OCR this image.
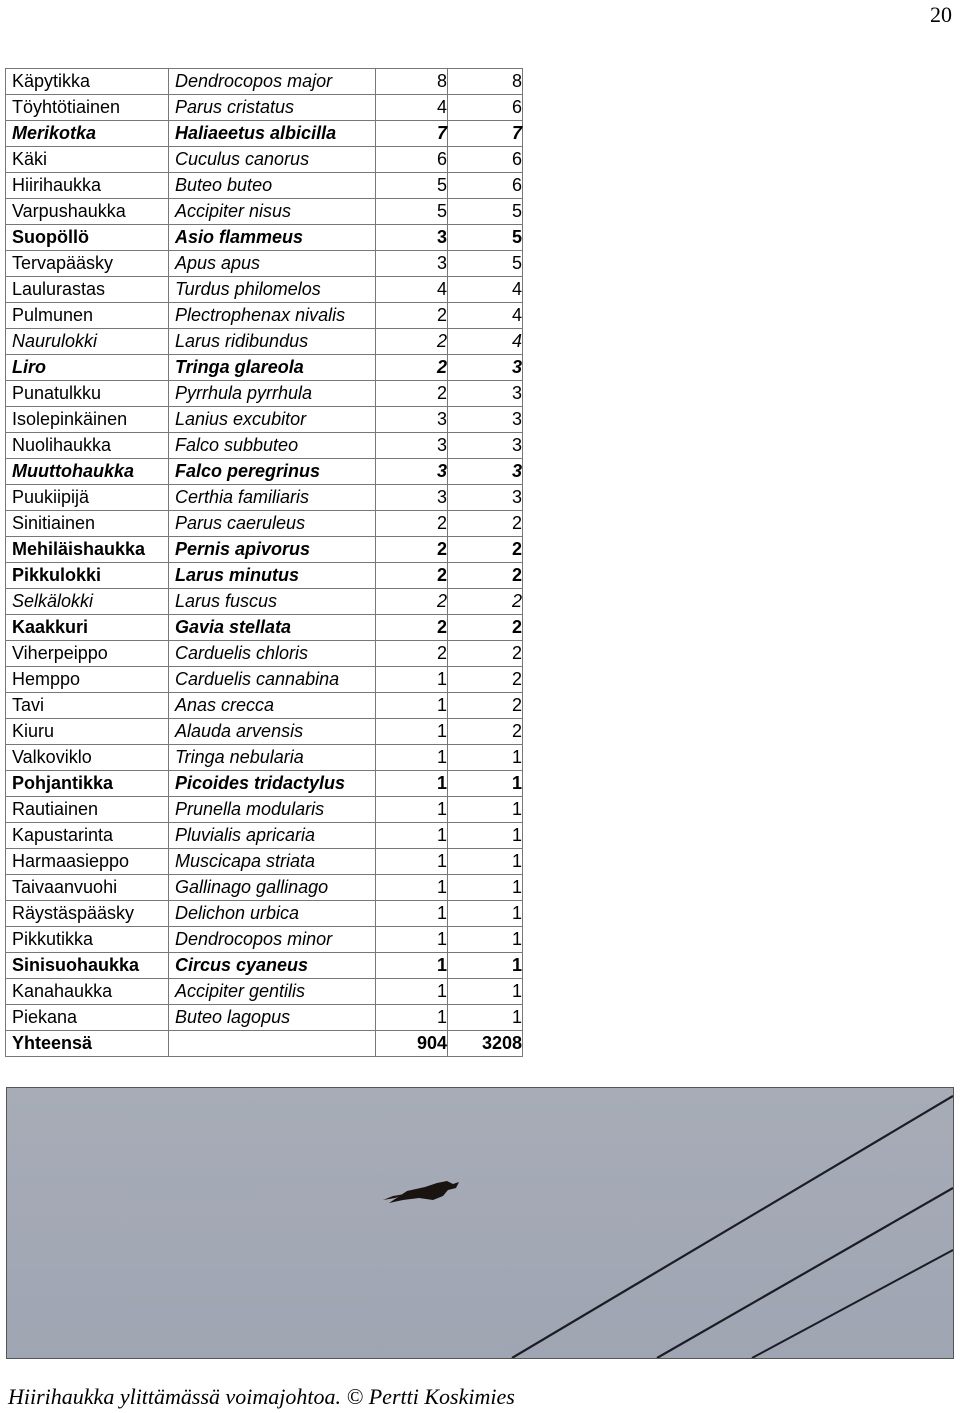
20
Käpytikka	Dendrocopos major	8	8
Töyhtötiainen	Parus cristatus	4	6
Merikotka	Haliaeetus albicilla	7	7
Käki	Cuculus canorus	6	6
Hiirihaukka	Buteo buteo	5	6
Varpushaukka	Accipiter nisus	5	5
Suopöllö	Asio flammeus	3	5
Tervapääsky	Apus apus	3	5
Laulurastas	Turdus philomelos	4	4
Pulmunen	Plectrophenax nivalis	2	4
Naurulokki	Larus ridibundus	2	4
Liro	Tringa glareola	2	3
Punatulkku	Pyrrhula pyrrhula	2	3
Isolepinkäinen	Lanius excubitor	3	3
Nuolihaukka	Falco subbuteo	3	3
Muuttohaukka	Falco peregrinus	3	3
Puukiipijä	Certhia familiaris	3	3
Sinitiainen	Parus caeruleus	2	2
Mehiläishaukka	Pernis apivorus	2	2
Pikkulokki	Larus minutus	2	2
Selkälokki	Larus fuscus	2	2
Kaakkuri	Gavia stellata	2	2
Viherpeippo	Carduelis chloris	2	2
Hemppo	Carduelis cannabina	1	2
Tavi	Anas crecca	1	2
Kiuru	Alauda arvensis	1	2
Valkoviklo	Tringa nebularia	1	1
Pohjantikka	Picoides tridactylus	1	1
Rautiainen	Prunella modularis	1	1
Kapustarinta	Pluvialis apricaria	1	1
Harmaasieppo	Muscicapa striata	1	1
Taivaanvuohi	Gallinago gallinago	1	1
Räystäspääsky	Delichon urbica	1	1
Pikkutikka	Dendrocopos minor	1	1
Sinisuohaukka	Circus cyaneus	1	1
Kanahaukka	Accipiter gentilis	1	1
Piekana	Buteo lagopus	1	1
Yhteensä		904	3208
Hiirihaukka ylittämässä voimajohtoa. © Pertti Koskimies
